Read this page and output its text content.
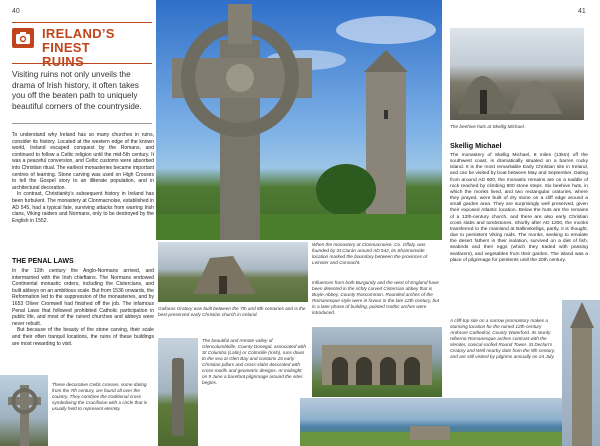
40	41
IRELAND’S FINEST
RUINS
Visiting ruins not only unveils the drama of Irish history, it often takes you off the beaten path to uniquely beautiful corners of the countryside.

To understand why Ireland has so many churches in ruins, consider its history. Located at the western edge of the known world, Ireland escaped conquest by the Romans, and continued to follow a Celtic religion until the mid-5th century. It was a peaceful conversion, and Celtic customs were absorbed into Christian ritual. The earliest monasteries became important centres of learning. Stone carving was used on High Crosses to tell the Gospel story to an illiterate population, and in architectural decoration.

In contrast, Christianity’s subsequent history in Ireland has been turbulent. The monastery at Clonmacnoise, established in AD 545, had a typical fate, surviving attacks from warring Irish clans, Viking raiders and Normans, only to be destroyed by the English in 1552.

THE PENAL LAWS

In the 12th century the Anglo-Normans arrived, and intermarried with the Irish chieftains. The Normans endowed Continental monastic orders, including the Cistercians, and built abbeys on an ambitious scale. But from 1536 onwards, the Reformation led to the suppression of the monasteries, and by 1653 Oliver Cromwell had finished off the job. The infamous Penal Laws that followed prohibited Catholic participation in public life, and most of the ruined churches and abbeys were never rebuilt.

But because of the beauty of the stone carving, their scale and their often tranquil locations, the ruins of these buildings are most rewarding to visit.

These decorative Celtic crosses, some dating from the 7th century, are found all over the country. They combine the traditional cross symbolising the Crucifixion with a circle that is usually held to represent eternity.
When the monastery at Clonmacnoise, Co. Offaly, was founded by St Ciarán around AD 542, its Shannonside location marked the boundary between the provinces of Leinster and Connacht.
Gallarus Oratory was built between the 7th and 8th centuries and is the best-preserved early Christian church in Ireland.
The beautiful and remote valley of Glencolumbkille, County Donegal, associated with St Columba (Latin) or Colmcille (Irish), runs down to the sea at Glen Bay and contains 15 early Christian pillars and cross-slabs decorated with cross-motifs and geometric designs. At midnight on 9 June a barefoot pilgrimage around the sites begins.
Influences from both Burgundy and the west of England have been detected in the richly carved Cistercian abbey that is Boyle Abbey, County Roscommon. Rounded arches of the Romanesque style were in favour in the late 12th century, but in a later phase of building, pointed Gothic arches were introduced.
The beehive huts at Skellig Michael.
Skellig Michael
The monastery of Skellig Michael, 8 miles (13km) off the southwest coast, is dramatically situated on a barren rocky island. It is the most remarkable Early Christian site in Ireland, and can be visited by boat between May and September. Dating from around AD 600, the monastic remains are on a saddle of rock reached by climbing 600 stone steps. Six beehive huts, in which the monks lived, and two rectangular oratories, where they prayed, were built of dry stone on a cliff edge around a small garden area. They are surprisingly well preserved, given their exposed Atlantic location. Below the huts are the remains of a 12th-century church, and there are also early Christian cross slabs and tombstones. Shortly after AD 1200, the monks transferred to the mainland at Ballinskelligs, partly, it is thought, due to persistent Viking raids. The monks, seeking to emulate the desert fathers in their isolation, survived on a diet of fish, seabirds and their eggs (which they traded with passing seafarers), and vegetables from their garden. The island was a place of pilgrimage for penitents until the 20th century.
A cliff-top site on a narrow promontory makes a stunning location for the ruined 12th-century Ardmore Cathedral, County Waterford. Its sturdy Hiberno-Romanesque arches contrast with the slender, conical-roofed Round Tower. St Declan’s Oratory and Well nearby date from the 9th century, and are still visited by pilgrims annually on 24 July.
